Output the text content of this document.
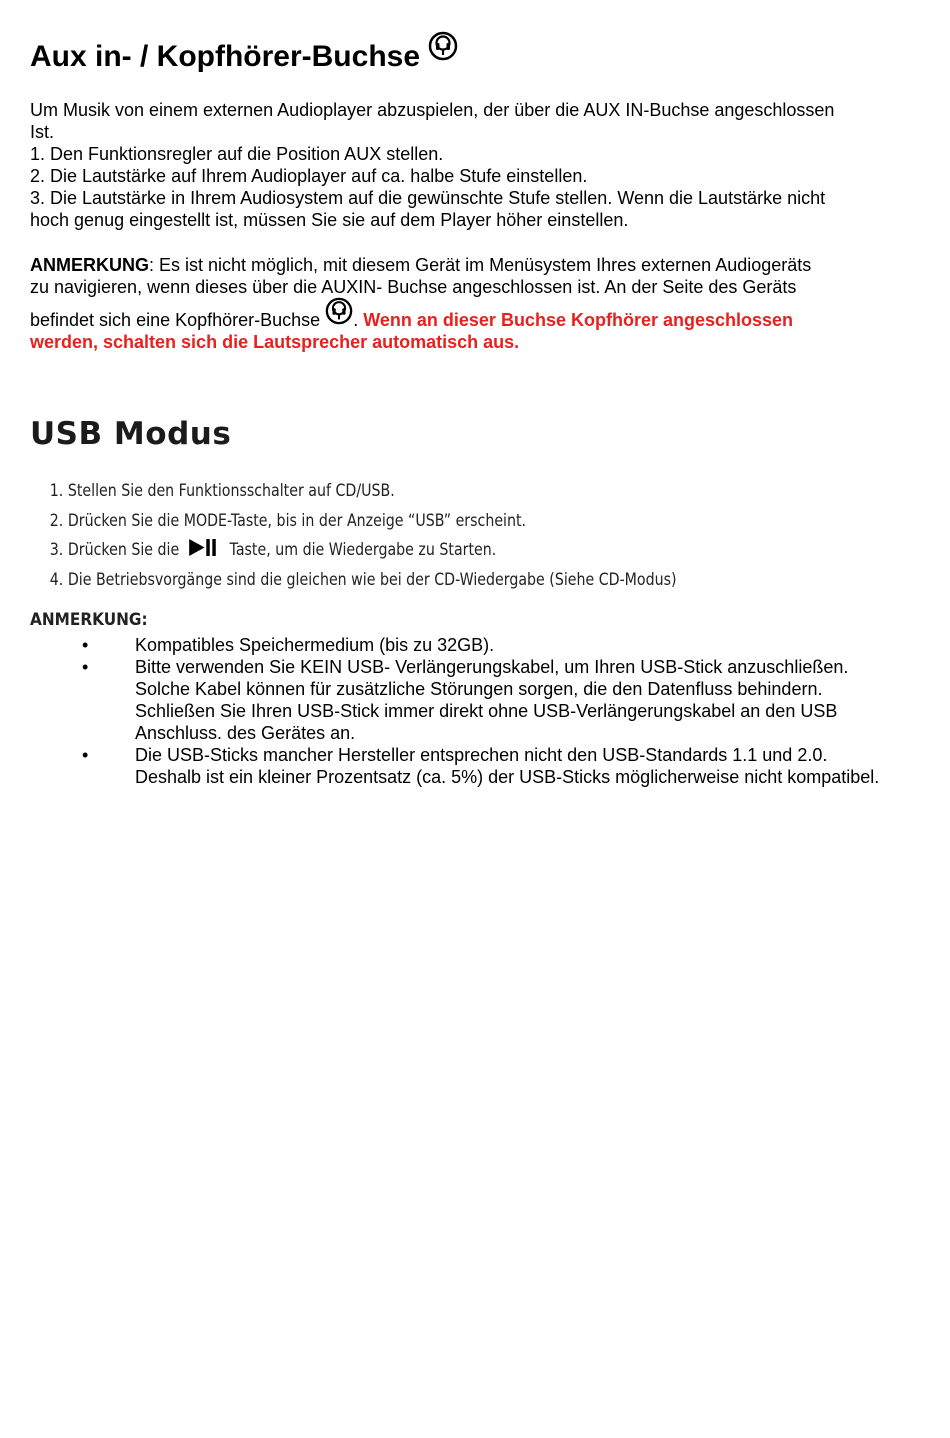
Aux in- / Kopfhörer-Buchse
Um Musik von einem externen Audioplayer abzuspielen, der über die AUX IN-Buchse angeschlossen
Ist.
1. Den Funktionsregler auf die Position AUX stellen.
2. Die Lautstärke auf Ihrem Audioplayer auf ca. halbe Stufe einstellen.
3. Die Lautstärke in Ihrem Audiosystem auf die gewünschte Stufe stellen. Wenn die Lautstärke nicht
hoch genug eingestellt ist, müssen Sie sie auf dem Player höher einstellen.
ANMERKUNG: Es ist nicht möglich, mit diesem Gerät im Menüsystem Ihres externen Audiogeräts
zu navigieren, wenn dieses über die AUXIN- Buchse angeschlossen ist. An der Seite des Geräts
befindet sich eine Kopfhörer-Buchse . Wenn an dieser Buchse Kopfhörer angeschlossen
werden, schalten sich die Lautsprecher automatisch aus.
USB Modus
1. Stellen Sie den Funktionsschalter auf CD/USB.
2. Drücken Sie die MODE-Taste, bis in der Anzeige “USB” erscheint.
3. Drücken Sie die	Taste, um die Wiedergabe zu Starten.
4. Die Betriebsvorgänge sind die gleichen wie bei der CD-Wiedergabe (Siehe CD-Modus)
ANMERKUNG:
•	Kompatibles Speichermedium (bis zu 32GB).
•	Bitte verwenden Sie KEIN USB- Verlängerungskabel, um Ihren USB-Stick anzuschließen. Solche Kabel können für zusätzliche Störungen sorgen, die den Datenfluss behindern. Schließen Sie Ihren USB-Stick immer direkt ohne USB-Verlängerungskabel an den USB Anschluss. des Gerätes an.
•	Die USB-Sticks mancher Hersteller entsprechen nicht den USB-Standards 1.1 und 2.0. Deshalb ist ein kleiner Prozentsatz (ca. 5%) der USB-Sticks möglicherweise nicht kompatibel.
